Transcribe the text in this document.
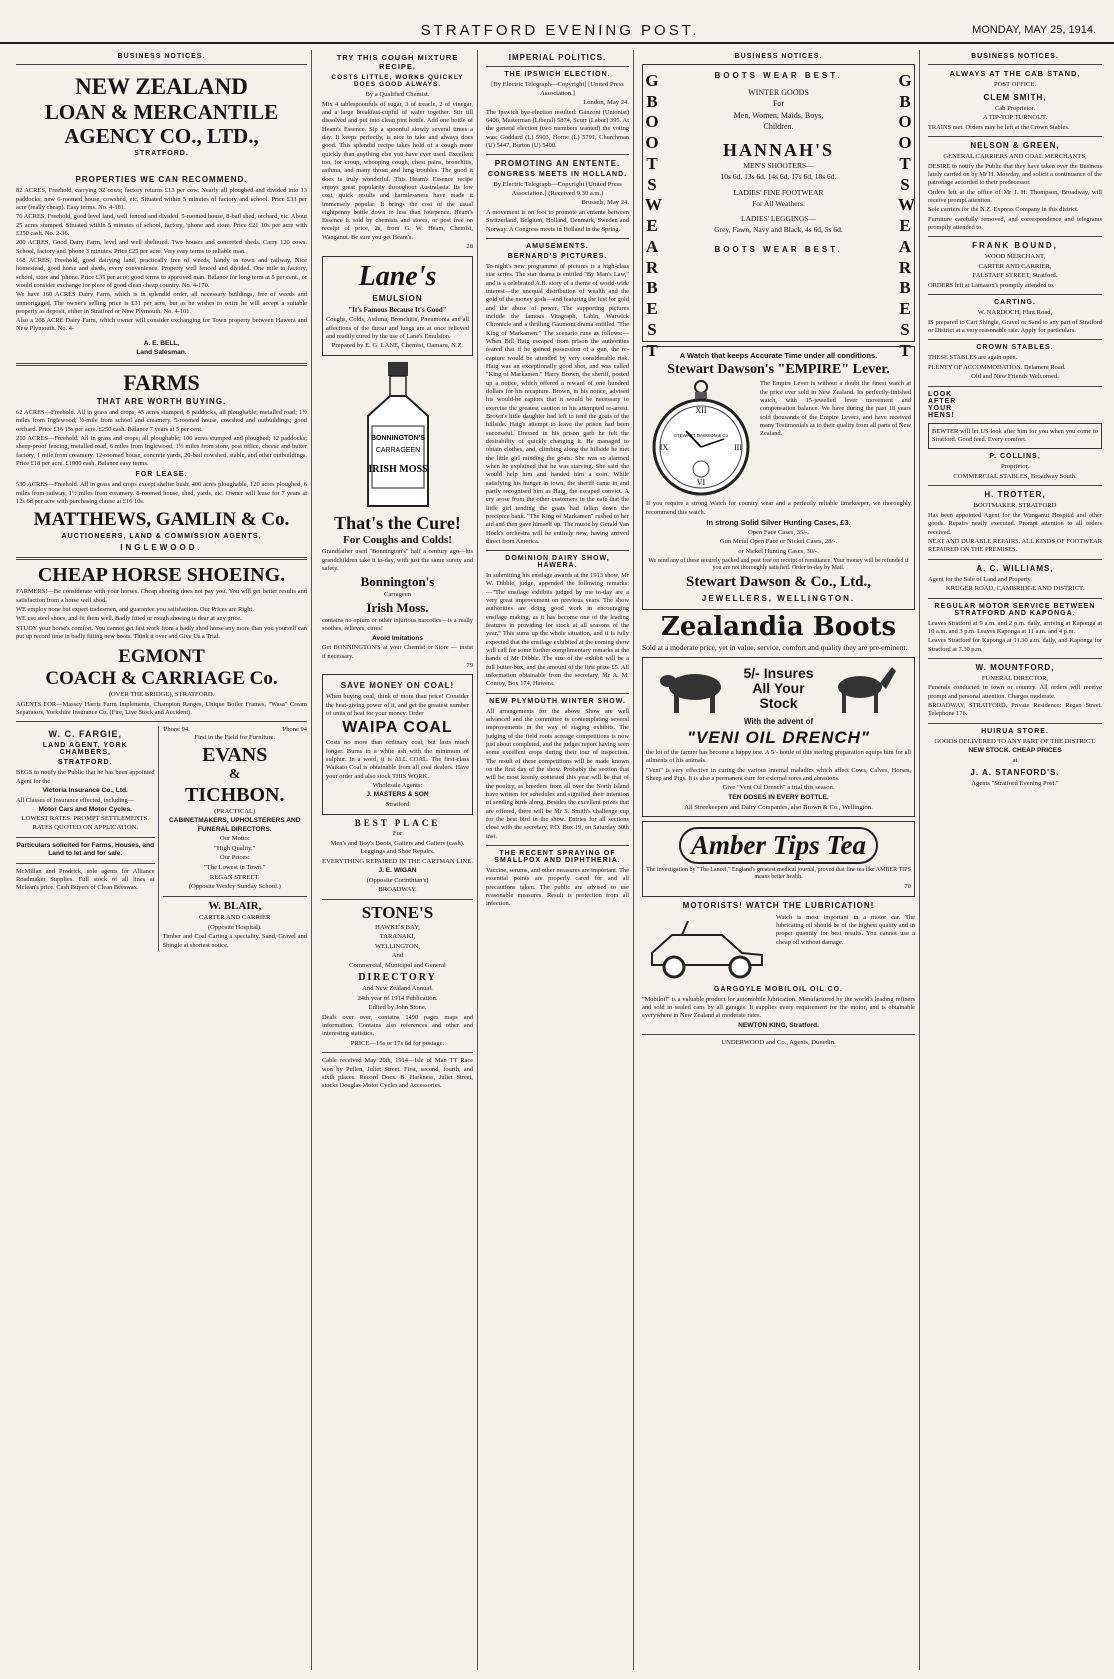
STRATFORD EVENING POST.	MONDAY, MAY 25, 1914.
BUSINESS NOTICES.
NEW ZEALAND
LOAN & MERCANTILE
AGENCY CO., LTD.,
STRATFORD.
PROPERTIES WE CAN RECOMMEND.

82 ACRES, Freehold, carrying 32 cows; factory returns £13 per cow. Nearly all ploughed and divided into 13 paddocks; new 6-roomed house, cowshed, etc. Situated within 5 minutes of factory and school. Price £33 per acre (really cheap). Easy terms. No. 4-181.

76 ACRES, Freehold, good level land, well fenced and divided. 5-roomed house, 8-bail shed, orchard, etc. About 25 acres stumped. Situated within 5 minutes of school, factory, 'phone and store. Price £21 10s per acre with £250 cash. No. 2-36.

200 ACRES, Good Dairy Farm, level and well sheltered. Two houses and concreted sheds. Carry 120 cows. School, factory and 'phone 3 minutes. Price £25 per acre. Very easy terms to reliable man.

168 ACRES, Freehold, good dairying land, practically free of weeds, handy to town and railway. Nice homestead, good horse and sheds, every convenience. Property well fenced and divided. One mile to factory, school, store and 'phone. Price £35 per acre; good terms to approved man. Balance for long term at 5 per cent., or would consider exchange for piece of good clean cheap country. No. 4-170.

We have 160 ACRES Dairy Farm, which is in splendid order, all necessary buildings, free of weeds and unmortgaged. The owner's selling price is £31 per acre, but as he wishes to retire he will accept a suitable property as deposit, either in Stratford or New Plymouth. No. 4-101.

Also a 208 ACRE Dairy Farm, which owner will consider exchanging for Town property between Hawera and New Plymouth. No. 4-

A. E. BELL,
Land Salesman.
FARMS
THAT ARE WORTH BUYING.

62 ACRES—Freehold. All in grass and crops, 45 acres stumped, 8 paddocks, all ploughable; metalled road; 1½ miles from Inglewood; ½-mile from school and creamery. 5-roomed house, cowshed and outbuildings; good orchard. Price £16 15s per acre. £250 cash. Balance 7 years at 5 per cent.

210 ACRES—Freehold. All in grass and crops; all ploughable; 100 acres stumped and ploughed; 12 paddocks; sheep-proof fencing, metalled road, 6 miles from Inglewood, 1½ miles from store, post office, cheese and butter factory, 1 mile from creamery. 12-roomed house, concrete yards, 20-bail cowshed, stable, and other outbuildings. Price £18 per acre. £1000 cash. Balance easy terms.

FOR LEASE.

530 ACRES—Freehold. All in grass and crops except shelter bush. 400 acres ploughable, 120 acres ploughed, 6 miles from railway, 1½ miles from creamery. 8-roomed house, shed, yards, etc. Owner will lease for 7 years at 12s 6d per acre with purchasing clause at £16 10s.

MATTHEWS, GAMLIN & Co.
AUCTIONEERS, LAND & COMMISSION AGENTS,
INGLEWOOD.
CHEAP HORSE SHOEING.

FARMERS!—Be considerate with your horses. Cheap shoeing does not pay you. You will get better results and satisfaction from a horse well shod.

WE employ none but expert tradesmen, and guarantee you satisfaction. Our Prices are Right.

WE use steel shoes, and fit them well. Badly fitted or rough shoeing is dear at any price.

STUDY your horse's comfort. You cannot get fast work from a badly shod horse any more than you yourself can put up record time in badly fitting new boots. Think it over and Give Us a Trial.

EGMONT
COACH & CARRIAGE Co.
(OVER THE BRIDGE), STRATFORD.

AGENTS FOR—Massey Harris Farm Implements, Champion Ranges, Unique Boiler Frames, "Wasa" Cream Separators, Yorkshire Insurance Co. (Fire, Live Stock and Accident).

W. C. FARGIE,
LAND AGENT, YORK CHAMBERS,
STRATFORD.

BEGS to notify the Public that he has been appointed Agent for the

Victoria Insurance Co., Ltd.

All Classes of Insurance effected, including—

Motor Cars and Motor Cycles.
LOWEST RATES. PROMPT SETTLEMENTS. RATES QUOTED ON APPLICATION.
Particulars solicited for Farms, Houses, and Land to let and for sale.

McMillan and Prodrick, sole agents for Alliance Roadmaker Supplies. Full stock of all lines at Mclean's price. Cash Buyers of Clean Beeswax.

'Phone 94.	'Phone 94
First in the Field for Furniture.
EVANS
&
TICHBON.
(PRACTICAL)
CABINETMAKERS, UPHOLSTERERS AND FUNERAL DIRECTORS.
Our Motto:
"High Quality."
Our Prices:
"The Lowest in Town."
REGAN STREET.
(Opposite Wesley Sunday School.)
W. BLAIR,
CARTER AND CARRIER
(Opposite Hospital).

Timber and Coal Carting a speciality. Sand, Gravel and Shingle at shortest notice.

TRY THIS COUGH MIXTURE RECIPE.
COSTS LITTLE, WORKS QUICKLY DOES GOOD ALWAYS.
By a Qualified Chemist.

Mix 4 tablespoonfuls of sugar, 3 of treacle, 2 of vinegar, and a large breakfast-cupful of water together. Stir till dissolved and put into clean pint bottle. Add one bottle of Heam's Essence. Sip a spoonful slowly several times a day. It keeps perfectly, is nice to take and always does good. This splendid recipe takes hold of a cough more quickly than anything else you have ever used. Excellent too, for croup, whooping cough, chest pains, bronchitis, asthma, and many throat and lung troubles. The good it does is truly wonderful. This Heam's Essence recipe enjoys great popularity throughout Australasia. Its low cost, quick results and harmlessness have made it immensely popular. It brings the cost of the usual eightpenny bottle down to less than fourpence. Heam's Essence is sold by chemists and stores, or post free on receipt of price, 2s, from G. W. Heam, Chemist, Wanganui. Be sure you get Heam's.

28
Lane's
EMULSION
"It's Famous Because It's Good"

Coughs, Colds, Asthma, Bronchitis, Pneumonia and all affections of the throat and lungs are at once relieved and readily cured by the use of Lane's Emulsion.

Prepared by E. G. LANE, Chemist, Oamaru, N.Z.
BONNINGTON'S
CARRAGEEN
IRISH MOSS
That's the Cure!
For Coughs and Colds!

Grandfather used "Bonnington's" half a century ago—his grandchildren take it to-day, with just the same surety and safety.

Bonnington's
Carrageen
Irish Moss.

contains no opium or other injurious narcotics—is a really soothes, relieves, cures!

Avoid Imitations

Get BONNINGTON'S at your Chemist or Store — insist if necessary.

79
SAVE MONEY ON COAL!

When buying coal, think of more than price! Consider the heat-giving power of it, and get the greatest number of units of heat for your money. Order

WAIPA COAL

Costs no more than ordinary coal, but lasts much longer. Burns to a white ash with the minimum of sulphur. In a word, it is ALL COAL. The first-class Waikato Coal is obtainable from all coal dealers. Have your order and also stock THIS WORK.

Wholesale Agents:
J. MASTERS & SON
Stratford
BEST PLACE
For
Men's and Boy's Boots, Gaiters and Gaiters (cash). Leggings and Shoe Repairs.
EVERYTHING REPAIRED IN THE CARTMAN LINE.
J. E. WIGAN
(Opposite Corinthian's)
BROADWAY.
STONE'S
HAWKE'S BAY,
TARANAKI,
WELLINGTON,
And
Commercial, Municipal and General
DIRECTORY
And New Zealand Annual.
24th year of 1914 Publication.
Edited by John Stone.

Deals over over, contains 1490 pages maps and information. Contains also references and other and interesting statistics.

PRICE—15s or 17s 6d for postage.

Cable received May 20th, 1914—Isle of Man TT Race won by Pullen, Juliet Street. First, second, fourth, and sixth places. Record Docs. B. Harkness, Juliet Street, stocks Douglas Motor Cycles and Accessories.

IMPERIAL POLITICS.
THE IPSWICH ELECTION.
[By Electric Telegraph—Copyright] [United Press Association.]
London, May 24.

The Ipswich bye-election resulted: Ganzoni (Unionist) 6406, Masterman (Liberal) 5874, Scurr (Labor) 395. At the general election (two members wanted) the voting was: Goddard (L) 5903, Horne (L) 5791, Churchman (U) 5447, Burton (U) 5400.

PROMOTING AN ENTENTE.
CONGRESS MEETS IN HOLLAND.
By Electric Telegraph—Copyright [United Press Association.] (Received 9.30 a.m.)
Brussels, May 24.

A movement is on foot to promote an entente between Switzerland, Belgium, Holland, Denmark, Sweden and Norway. A Congress meets in Holland in the Spring.

AMUSEMENTS.
BERNARD'S PICTURES.

To-night's new programme of pictures is a high-class star series. The star drama is entitled "By Man's Law," and is a celebrated A.B. story of a theme of world-wide interest—the unequal distribution of wealth and the gold of the money gods—and featuring the lust for gold and the abuse of power. The supporting pictures include the famous Vitagraph, Labin, Warwick Chronicle and a thrilling Gaumont drama entitled "The King of Markamen." The scenario runs as follows:—When Bill Haig escaped from prison the authorities feared that if he gained possession of a gun, the re-capture would be attended by very considerable risk. Haig was an exceptionally good shot, and was called "King of Markamen." Harry Brown, the sheriff, posted up a notice, which offered a reward of one hundred dollars for his recapture. Brown, in his notice, advised his would-be captors that it would be necessary to exercise the greatest caution in his attempted re-arrest. Brown's little daughter had left to tend the goats of the hillside. Haig's attempt to leave the prison had been successful. Dressed in his prison garb he felt the desirability of quickly changing it. He managed to obtain clothes, and, climbing along the hillside he met the little girl minding the goats. She was so alarmed when he explained that he was starving. She said she would help him and handed him a coin. While satisfying his hunger in town, the sheriff came in and partly recognised him as Haig, the escaped convict. A cry arose from the other customers in the cafe that the little girl tending the goats had fallen down the precipice bank. "The King of Markamen" rushed to her aid and then gave himself up. The music by Gerald Van Hock's orchestra will be entirely new, having arrived direct from America.

DOMINION DAIRY SHOW, HAWERA.

In submitting his ensilage awards at the 1913 show, Mr W. Dibble, judge, appended the following remarks:—"The ensilage exhibits judged by me to-day are a very great improvement on previous years. The show authorities are doing good work in encouraging ensilage making, as it has become one of the leading features in providing for stock at all seasons of the year." This sums up the whole situation, and it is fully expected that the ensilage exhibited at the coming show will call for some further complimentary remarks at the hands of Mr Dibble. The size of the exhibit will be a full butter-box, and the amount of the first prize £5. All information obtainable from the secretary, Mr A. M. Conroy, Box 174, Hawera.

NEW PLYMOUTH WINTER SHOW.

All arrangements for the above Show are well advanced and the committee is contemplating several improvements in the way of staging exhibits. The judging of the field roots acreage competitions is now just about completed, and the judges report having seen some excellent crops during their tour of inspection. The result of these competitions will be made known on the first day of the show. Probably the section that will be most keenly contested this year will be that of the poultry, as breeders from all over the North Island have written for schedules and signified their intention of sending birds along. Besides the excellent prizes that are offered, there will be Mr S. Smith's challenge cup for the best bird in the show. Entries for all sections close with the secretary, P.O. Box 19, on Saturday 30th inst.

THE RECENT SPRAYING OF SMALLPOX AND DIPHTHERIA.

Vaccine, serums, and other measures are important. The essential points are properly cared for and all precautions taken. The public are advised to use reasonable measures. Result is protection from all infection.

BUSINESS NOTICES.
G
B
O
O
T
S
W
E
A
R
B
E
S
T
G
B
O
O
T
S
W
E
A
R
B
E
S
T
BOOTS WEAR BEST.
WINTER GOODS
For
Men, Women, Maids, Boys,
Children.
HANNAH'S
MEN'S SHOOTERS—
10s 6d, 13s 6d, 14s 6d, 17s 6d, 18s 6d.
LADIES' FINE FOOTWEAR
For All Weathers.
LADIES' LEGGINGS—
Grey, Fawn, Navy and Black, 4s 6d, 5s 6d.
BOOTS WEAR BEST.
A Watch that keeps Accurate Time under all conditions.
Stewart Dawson's "EMPIRE" Lever.
XII
III
VI
IX
STEWART DAWSON & Co

The Empire Lever is without a doubt the finest watch at the price ever sold in New Zealand. Its perfectly-finished watch, with 15-jewelled lever movement and compensation balance. We have during the past 18 years sold thousands of the Empire Levers, and have received many Testimonials as to their quality from all parts of New Zealand.

If you require a strong Watch for country wear and a perfectly reliable timekeeper, we thoroughly recommend this watch.

In strong Solid Silver Hunting Cases, £3.
Open Face Cases, 35/-.
Gun Metal Open Face or Nickel Cases, 28/-.
or Nickel Hunting Cases, 30/-.
We send any of these securely packed and post free on receipt of remittance. Your money will be refunded if you are not thoroughly satisfied. Order to-day by Mail.
Stewart Dawson & Co., Ltd.,
JEWELLERS, WELLINGTON.
Zealandia Boots

Sold at a moderate price, yet in value, service, comfort and quality they are pre-eminent.

5/- Insures All Your Stock
With the advent of
"VENI OIL DRENCH"

the lot of the farmer has become a happy one. A 5/- bottle of this sterling preparation equips him for all ailments of his animals.

"Veni" is very effective in curing the various internal maladies which affect Cows, Calves, Horses, Sheep and Pigs. It is also a permanent cure for external sores and abrasions.

Give "Veni Oil Drench" a trial this season.
TEN DOSES IN EVERY BOTTLE.
All Storekeepers and Dairy Companies, also Brown & Co., Wellington.
Amber Tips Tea
The investigation by "The Lancet," England's greatest medical journal, proved that fine tea like AMBER TIPS means better health.
70
MOTORISTS! WATCH THE LUBRICATION!

Watch is most important in a motor car. The lubricating oil should be of the highest quality and in proper quantity for best results. You cannot use a cheap oil without damage.

GARGOYLE MOBILOIL OIL CO.

"Mobiloil" is a valuable product for automobile lubrication. Manufactured by the world's leading refiners and sold in sealed cans by all garages. It supplies every requirement for the motor, and is obtainable everywhere in New Zealand at moderate rates.

NEWTON KING, Stratford.
UNDERWOOD and Co., Agents, Dunedin.
BUSINESS NOTICES.
ALWAYS AT THE CAB STAND,
POST OFFICE.
CLEM SMITH,
Cab Proprietor.
A TIP-TOP TURNOUT.

TRAINS met. Orders may be left at the Crown Stables.

NELSON & GREEN,
GENERAL CARRIERS AND COAL MERCHANTS,

DESIRE to notify the Public that they have taken over the Business lately carried on by Mr H. Mowday, and solicit a continuance of the patronage accorded to their predecessor.

Orders left at the office of Mr J. H. Thompson, Broadway, will receive prompt attention.

Sole carriers for the N.Z. Express Company in this district.

Furniture carefully removed, and correspondence and telegrams promptly attended to.

FRANK BOUND,
WOOD MERCHANT,
CARTER AND CARRIER,
FALSTAFF STREET, Stratford.

ORDERS left at Lamason's promptly attended to.

CARTING.
W. NARDOCH, Flint Road,

IS prepared to Cart Shingle, Gravel or Sand to any part of Stratford or District at a very reasonable rate. Apply for particulars.

CROWN STABLES.

THESE STABLES are again open.

PLENTY OF ACCOMMODATION. Delamere Road.

Old and New Friends Welcomed.
LOOK AFTER YOUR HENS!

BEWTER will let US look after him for you when you come to Stratford. Good feed. Every comfort.

P. COLLINS,
Proprietor.
COMMERCIAL STABLES, Broadway South.
H. TROTTER,
BOOTMAKER, STRATFORD

Has been appointed Agent for the Wanganui Hospital and other goods. Repairs neatly executed. Prompt attention to all orders received.

NEAT AND DURABLE REPAIRS. ALL KINDS OF FOOTWEAR REPAIRED ON THE PREMISES.

A. C. WILLIAMS,

Agent for the Sale of Land and Property.

KRUGER ROAD, CAMBRIDGE AND DISTRICT.
REGULAR MOTOR SERVICE BETWEEN STRATFORD AND KAPONGA.

Leaves Stratford at 9 a.m. and 2 p.m. daily, arriving at Kaponga at 10 a.m. and 3 p.m. Leaves Kaponga at 11 a.m. and 4 p.m.

Leaves Stratford for Kaponga at 11.30 a.m. daily, and Kaponga for Stratford at 7.30 p.m.

W. MOUNTFORD,
FUNERAL DIRECTOR,

Funerals conducted in town or country. All orders will receive prompt and personal attention. Charges moderate.

BROADWAY, STRATFORD. Private Residence: Regan Street. Telephone 176.

HUIRUA STORE.
GOODS DELIVERED TO ANY PART OF THE DISTRICT.
NEW STOCK. CHEAP PRICES
at
J. A. STANFORD'S.
Agents "Stratford Evening Post."
